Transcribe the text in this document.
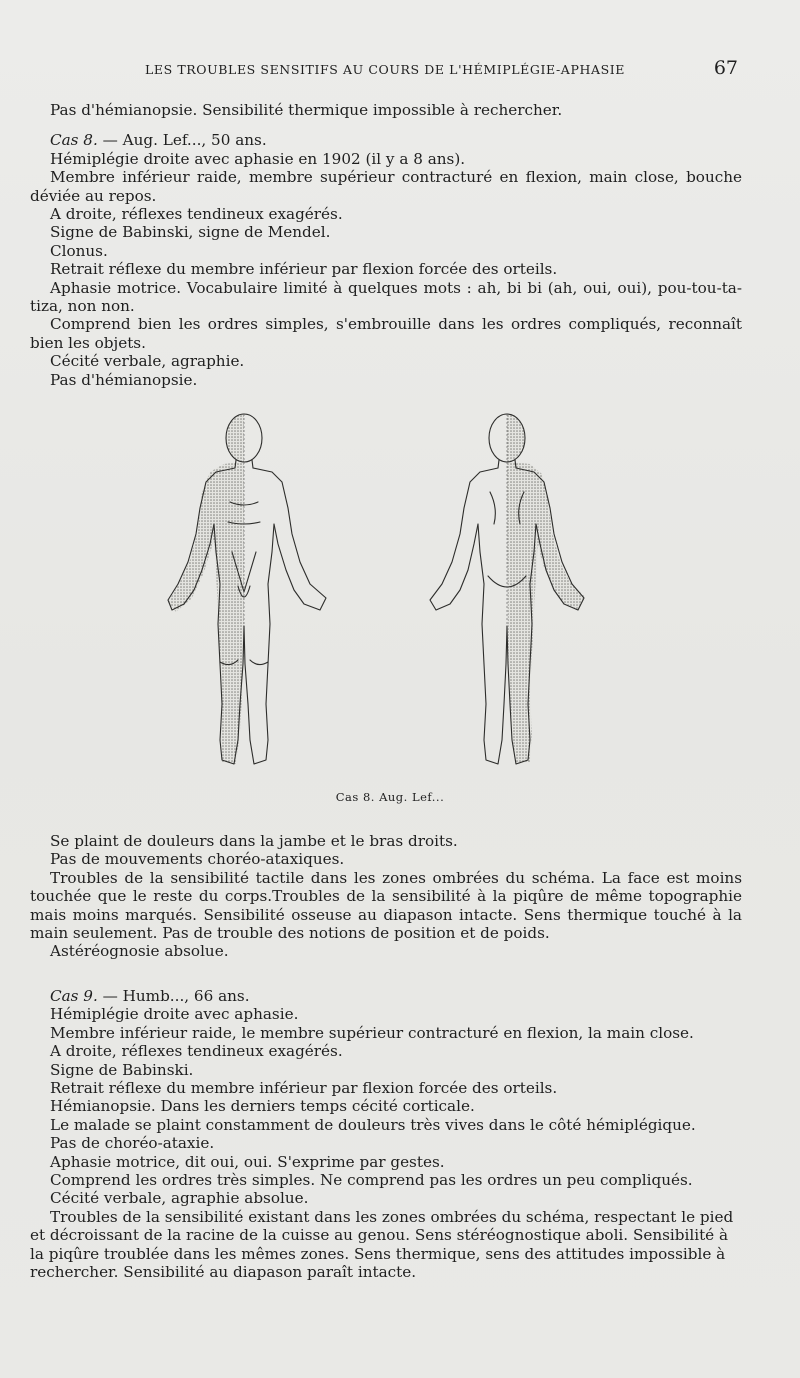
LES TROUBLES SENSITIFS AU COURS DE L'HÉMIPLÉGIE-APHASIE	67

Pas d'hémianopsie. Sensibilité thermique impossible à rechercher.

Cas 8. — Aug. Lef..., 50 ans.

Hémiplégie droite avec aphasie en 1902 (il y a 8 ans).

Membre inférieur raide, membre supérieur contracturé en flexion, main close, bouche déviée au repos.

A droite, réflexes tendineux exagérés.

Signe de Babinski, signe de Mendel.

Clonus.

Retrait réflexe du membre inférieur par flexion forcée des orteils.

Aphasie motrice. Vocabulaire limité à quelques mots : ah, bi bi (ah, oui, oui), pou-tou-ta-tiza, non non.

Comprend bien les ordres simples, s'embrouille dans les ordres compliqués, reconnaît bien les objets.

Cécité verbale, agraphie.

Pas d'hémianopsie.

Cas 8. Aug. Lef...

Se plaint de douleurs dans la jambe et le bras droits.

Pas de mouvements choréo-ataxiques.

Troubles de la sensibilité tactile dans les zones ombrées du schéma. La face est moins touchée que le reste du corps.Troubles de la sensibilité à la piqûre de même topographie mais moins marqués. Sensibilité osseuse au diapason intacte. Sens thermique touché à la main seulement. Pas de trouble des notions de position et de poids.

Astéréognosie absolue.

Cas 9. — Humb..., 66 ans.

Hémiplégie droite avec aphasie.

Membre inférieur raide, le membre supérieur contracturé en flexion, la main close.

A droite, réflexes tendineux exagérés.

Signe de Babinski.

Retrait réflexe du membre inférieur par flexion forcée des orteils.

Hémianopsie. Dans les derniers temps cécité corticale.

Le malade se plaint constamment de douleurs très vives dans le côté hémiplégique.

Pas de choréo-ataxie.

Aphasie motrice, dit oui, oui. S'exprime par gestes.

Comprend les ordres très simples. Ne comprend pas les ordres un peu compliqués.

Cécité verbale, agraphie absolue.

Troubles de la sensibilité existant dans les zones ombrées du schéma, respectant le pied et décroissant de la racine de la cuisse au genou. Sens stéréognostique aboli. Sensibilité à la piqûre troublée dans les mêmes zones. Sens thermique, sens des attitudes impossible à rechercher. Sensibilité au diapason paraît intacte.
